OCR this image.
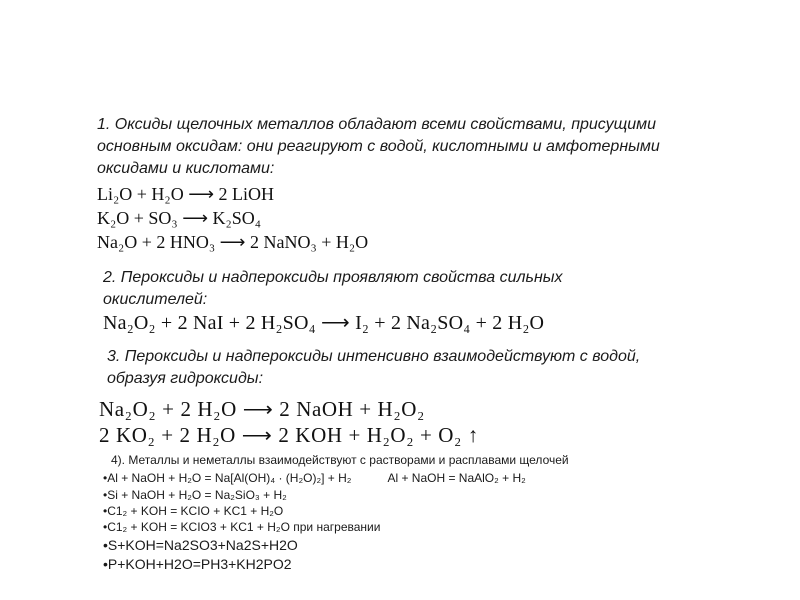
1. Оксиды щелочных металлов обладают всеми свойствами, присущими

основным оксидам: они реагируют с водой, кислотными и амфотерными

оксидами и кислотами:

Li₂O + H₂O ⟶ 2 LiOH
K₂O + SO₃ ⟶ K₂SO₄
Na₂O + 2 HNO₃ ⟶ 2 NaNO₃ + H₂O

2. Пероксиды и надпероксиды проявляют свойства сильных

окислителей:

Na₂O₂ + 2 NaI + 2 H₂SO₄ ⟶ I₂ + 2 Na₂SO₄ + 2 H₂O

3. Пероксиды и надпероксиды интенсивно взаимодействуют с водой,

образуя гидроксиды:

Na₂O₂ + 2 H₂O ⟶ 2 NaOH + H₂O₂
2 KO₂ + 2 H₂O ⟶ 2 KOH + H₂O₂ + O₂ ↑
4). Металлы и неметаллы взаимодействуют с растворами и расплавами щелочей
•Al + NaOH + H₂O = Na[Al(OH)₄ · (H₂O)₂] + H₂	Al + NaOH = NaAlO₂ + H₂
•Si + NaOH + H₂O = Na₂SiO₃ + H₂
•C1₂ + KOH = KCIO + KC1 + H₂O
•C1₂ + KOH = KCIO3 + KC1 + H₂O при нагревании
•S+KOH=Na2SO3+Na2S+H2O
•P+KOH+H2O=PH3+KH2PO2
